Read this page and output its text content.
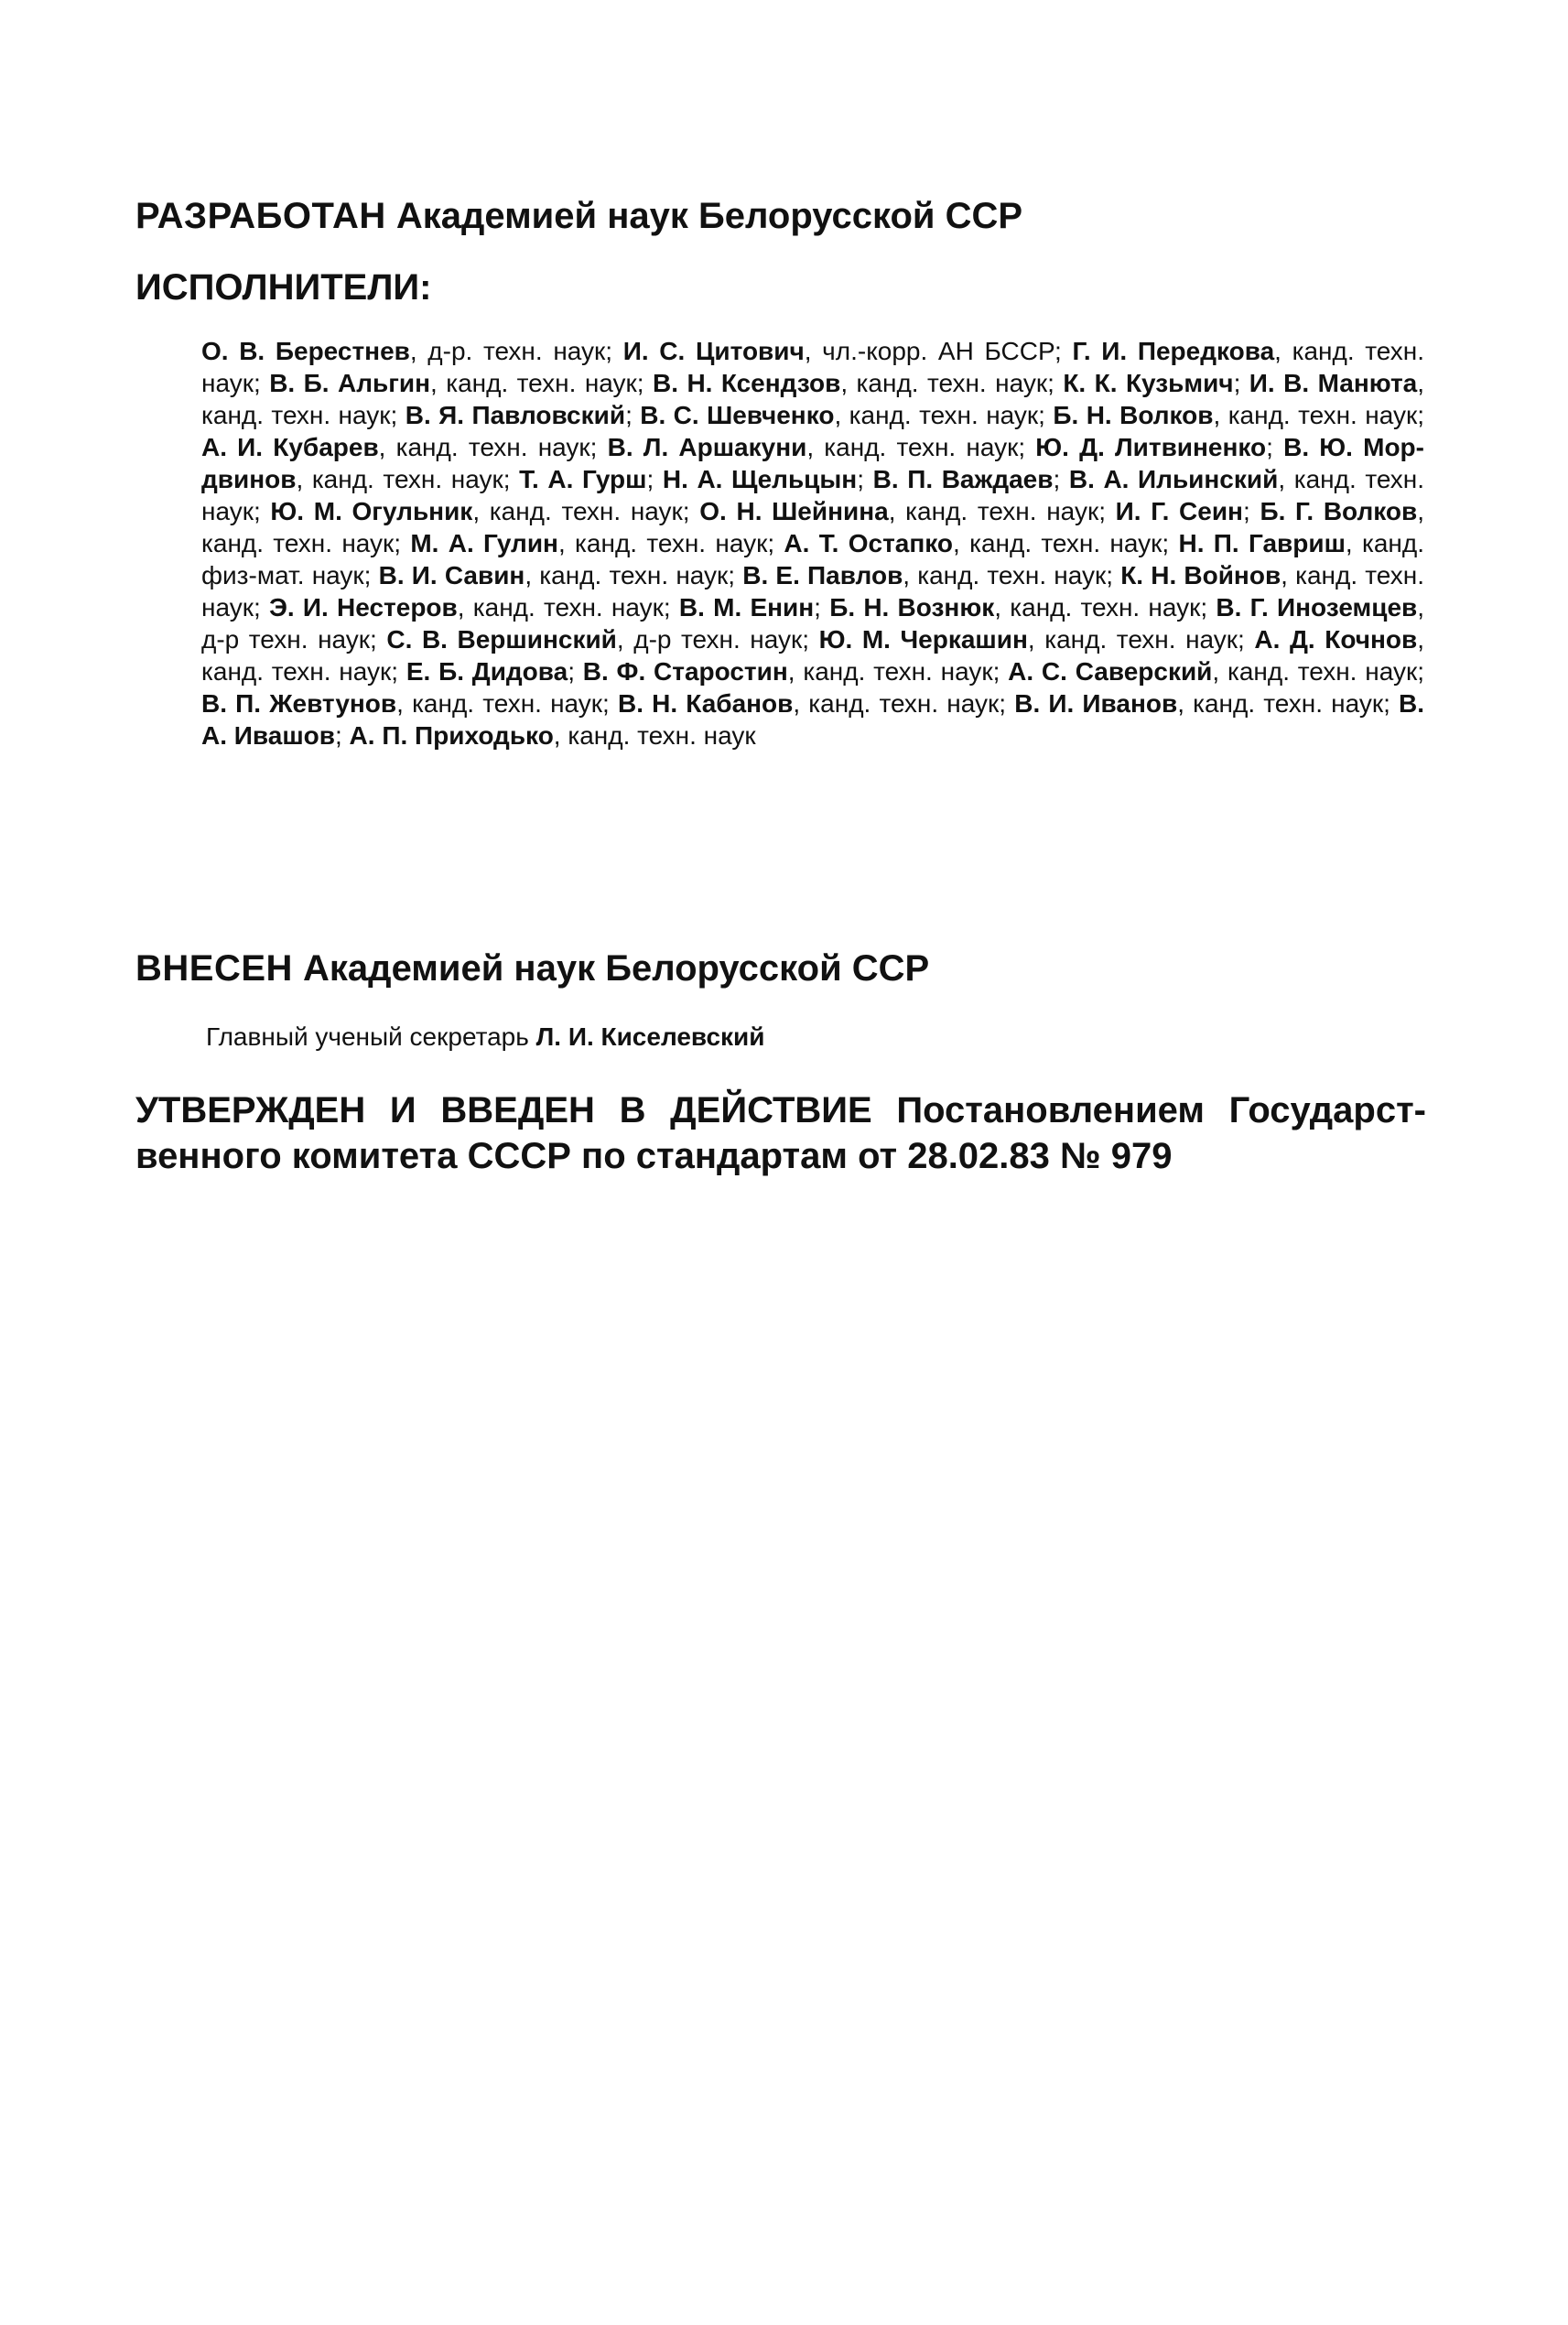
РАЗРАБОТАН Академией наук Белорусской ССР
ИСПОЛНИТЕЛИ:

О. В. Берестнев, д-р. техн. наук; И. С. Цитович, чл.-корр. АН БССР; Г. И. Передкова, канд. техн. наук; В. Б. Альгин, канд. техн. наук; В. Н. Ксендзов, канд. техн. наук; К. К. Кузьмич; И. В. Манюта, канд. техн. наук; В. Я. Павловский; В. С. Шевченко, канд. техн. наук; Б. Н. Волков, канд. техн. наук; А. И. Кубарев, канд. техн. наук; В. Л. Аршакуни, канд. техн. наук; Ю. Д. Литвиненко; В. Ю. Мордвинов, канд. техн. наук; Т. А. Гурш; Н. А. Щельцын; В. П. Важдаев; В. А. Ильинский, канд. техн. наук; Ю. М. Огульник, канд. техн. наук; О. Н. Шейнина, канд. техн. наук; И. Г. Сеин; Б. Г. Волков, канд. техн. наук; М. А. Гулин, канд. техн. наук; А. Т. Остапко, канд. техн. наук; Н. П. Гавриш, канд. физ-мат. наук; В. И. Савин, канд. техн. наук; В. Е. Павлов, канд. техн. наук; К. Н. Войнов, канд. техн. наук; Э. И. Нестеров, канд. техн. наук; В. М. Енин; Б. Н. Вознюк, канд. техн. наук; В. Г. Иноземцев, д-р техн. наук; С. В. Вершинский, д-р техн. наук; Ю. М. Черкашин, канд. техн. наук; А. Д. Кочнов, канд. техн. наук; Е. Б. Дидова; В. Ф. Старостин, канд. техн. наук; А. С. Саверский, канд. техн. наук; В. П. Жевтунов, канд. техн. наук; В. Н. Кабанов, канд. техн. наук; В. И. Иванов, канд. техн. наук; В. А. Ивашов; А. П. Приходько, канд. техн. наук

ВНЕСЕН Академией наук Белорусской ССР

Главный ученый секретарь Л. И. Киселевский

УТВЕРЖДЕН И ВВЕДЕН В ДЕЙСТВИЕ Постановлением Государственного комитета СССР по стандартам от 28.02.83 № 979
